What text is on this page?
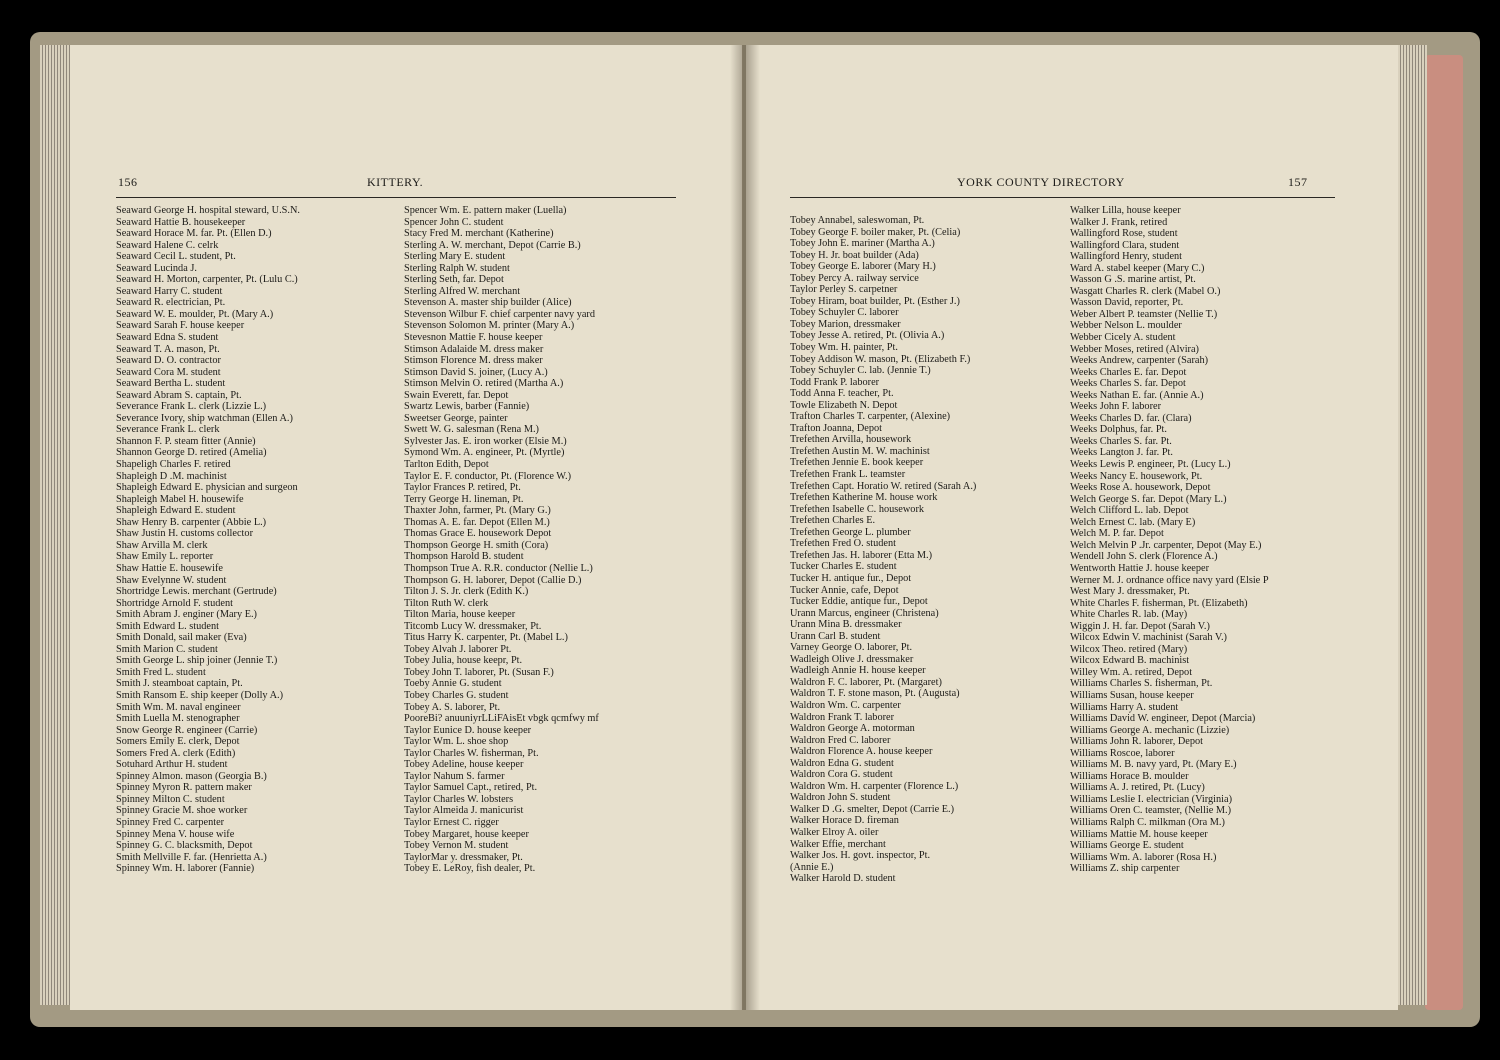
156	KITTERY.
Seaward George H. hospital steward, U.S.N.
Seaward Hattie B. housekeeper
Seaward Horace M. far. Pt. (Ellen D.)
Seaward Halene C. celrk
Seaward Cecil L. student, Pt.
Seaward Lucinda J.
Seaward H. Morton, carpenter, Pt. (Lulu C.)
Seaward Harry C. student
Seaward R. electrician, Pt.
Seaward W. E. moulder, Pt. (Mary A.)
Seaward Sarah F. house keeper
Seaward Edna S. student
Seaward T. A. mason, Pt.
Seaward D. O. contractor
Seaward Cora M. student
Seaward Bertha L. student
Seaward Abram S. captain, Pt.
Severance Frank L. clerk (Lizzie L.)
Severance Ivory, ship watchman (Ellen A.)
Severance Frank L. clerk
Shannon F. P. steam fitter (Annie)
Shannon George D. retired (Amelia)
Shapeligh Charles F. retired
Shapleigh D .M. machinist
Shapleigh Edward E. physician and surgeon
Shapleigh Mabel H. housewife
Shapleigh Edward E. student
Shaw Henry B. carpenter (Abbie L.)
Shaw Justin H. customs collector
Shaw Arvilla M. clerk
Shaw Emily L. reporter
Shaw Hattie E. housewife
Shaw Evelynne W. student
Shortridge Lewis. merchant (Gertrude)
Shortridge Arnold F. student
Smith Abram J. enginer (Mary E.)
Smith Edward L. student
Smith Donald, sail maker (Eva)
Smith Marion C. student
Smith George L. ship joiner (Jennie T.)
Smith Fred L. student
Smith J. steamboat captain, Pt.
Smith Ransom E. ship keeper (Dolly A.)
Smith Wm. M. naval engineer
Smith Luella M. stenographer
Snow George R. engineer (Carrie)
Somers Emily E. clerk, Depot
Somers Fred A. clerk (Edith)
Sotuhard Arthur H. student
Spinney Almon. mason (Georgia B.)
Spinney Myron R. pattern maker
Spinney Milton C. student
Spinney Gracie M. shoe worker
Spinney Fred C. carpenter
Spinney Mena V. house wife
Spinney G. C. blacksmith, Depot
Smith Mellville F. far. (Henrietta A.)
Spinney Wm. H. laborer (Fannie)
Spencer Wm. E. pattern maker (Luella)
Spencer John C. student
Stacy Fred M. merchant (Katherine)
Sterling A. W. merchant, Depot (Carrie B.)
Sterling Mary E. student
Sterling Ralph W. student
Sterling Seth, far. Depot
Sterling Alfred W. merchant
Stevenson A. master ship builder (Alice)
Stevenson Wilbur F. chief carpenter navy yard
Stevenson Solomon M. printer (Mary A.)
Stevesnon Mattie F. house keeper
Stimson Adalaide M. dress maker
Stimson Florence M. dress maker
Stimson David S. joiner, (Lucy A.)
Stimson Melvin O. retired (Martha A.)
Swain Everett, far. Depot
Swartz Lewis, barber (Fannie)
Sweetser George, painter
Swett W. G. salesman (Rena M.)
Sylvester Jas. E. iron worker (Elsie M.)
Symond Wm. A. engineer, Pt. (Myrtle)
Tarlton Edith, Depot
Taylor E. F. conductor, Pt. (Florence W.)
Taylor Frances P. retired, Pt.
Terry George H. lineman, Pt.
Thaxter John, farmer, Pt. (Mary G.)
Thomas A. E. far. Depot (Ellen M.)
Thomas Grace E. housework Depot
Thompson George H. smith (Cora)
Thompson Harold B. student
Thompson True A. R.R. conductor (Nellie L.)
Thompson G. H. laborer, Depot (Callie D.)
Tilton J. S. Jr. clerk (Edith K.)
Tilton Ruth W. clerk
Tilton Maria, house keeper
Titcomb Lucy W. dressmaker, Pt.
Titus Harry K. carpenter, Pt. (Mabel L.)
Tobey Alvah J. laborer Pt.
Tobey Julia, house keepr, Pt.
Tobey John T. laborer, Pt. (Susan F.)
Toeby Annie G. student
Tobey Charles G. student
Tobey A. S. laborer, Pt.
PooreBi? anuuniyrLLiFAisEt vbgk qcmfwy mf
Taylor Eunice D. house keeper
Taylor Wm. L. shoe shop
Taylor Charles W. fisherman, Pt.
Tobey Adeline, house keeper
Taylor Nahum S. farmer
Taylor Samuel Capt., retired, Pt.
Taylor Charles W. lobsters
Taylor Almeida J. manicurist
Taylor Ernest C. rigger
Tobey Margaret, house keeper
Tobey Vernon M. student
TaylorMar y. dressmaker, Pt.
Tobey E. LeRoy, fish dealer, Pt.
YORK COUNTY DIRECTORY	157
Tobey Annabel, saleswoman, Pt.
Tobey George F. boiler maker, Pt. (Celia)
Tobey John E. mariner (Martha A.)
Tobey H. Jr. boat builder (Ada)
Tobey George E. laborer (Mary H.)
Tobey Percy A. railway service
Taylor Perley S. carpetner
Tobey Hiram, boat builder, Pt. (Esther J.)
Tobey Schuyler C. laborer
Tobey Marion, dressmaker
Tobey Jesse A. retired, Pt. (Olivia A.)
Tobey Wm. H. painter, Pt.
Tobey Addison W. mason, Pt. (Elizabeth F.)
Tobey Schuyler C. lab. (Jennie T.)
Todd Frank P. laborer
Todd Anna F. teacher, Pt.
Towle Elizabeth N. Depot
Trafton Charles T. carpenter, (Alexine)
Trafton Joanna, Depot
Trefethen Arvilla, housework
Trefethen Austin M. W. machinist
Trefethen Jennie E. book keeper
Trefethen Frank L. teamster
Trefethen Capt. Horatio W. retired (Sarah A.)
Trefethen Katherine M. house work
Trefethen Isabelle C. housework
Trefethen Charles E.
Trefethen George L. plumber
Trefethen Fred O. student
Trefethen Jas. H. laborer (Etta M.)
Tucker Charles E. student
Tucker H. antique fur., Depot
Tucker Annie, cafe, Depot
Tucker Eddie, antique fur., Depot
Urann Marcus, engineer (Christena)
Urann Mina B. dressmaker
Urann Carl B. student
Varney George O. laborer, Pt.
Wadleigh Olive J. dressmaker
Wadleigh Annie H. house keeper
Waldron F. C. laborer, Pt. (Margaret)
Waldron T. F. stone mason, Pt. (Augusta)
Waldron Wm. C. carpenter
Waldron Frank T. laborer
Waldron George A. motorman
Waldron Fred C. laborer
Waldron Florence A. house keeper
Waldron Edna G. student
Waldron Cora G. student
Waldron Wm. H. carpenter (Florence L.)
Waldron John S. student
Walker D .G. smelter, Depot (Carrie E.)
Walker Horace D. fireman
Walker Elroy A. oiler
Walker Effie, merchant
Walker Jos. H. govt. inspector, Pt.
(Annie E.)
Walker Harold D. student
Walker Lilla, house keeper
Walker J. Frank, retired
Wallingford Rose, student
Wallingford Clara, student
Wallingford Henry, student
Ward A. stabel keeper (Mary C.)
Wasson G .S. marine artist, Pt.
Wasgatt Charles R. clerk (Mabel O.)
Wasson David, reporter, Pt.
Weber Albert P. teamster (Nellie T.)
Webber Nelson L. moulder
Webber Cicely A. student
Webber Moses, retired (Alvira)
Weeks Andrew, carpenter (Sarah)
Weeks Charles E. far. Depot
Weeks Charles S. far. Depot
Weeks Nathan E. far. (Annie A.)
Weeks John F. laborer
Weeks Charles D. far. (Clara)
Weeks Dolphus, far. Pt.
Weeks Charles S. far. Pt.
Weeks Langton J. far. Pt.
Weeks Lewis P. engineer, Pt. (Lucy L.)
Weeks Nancy E. housework, Pt.
Weeks Rose A. housework, Depot
Welch George S. far. Depot (Mary L.)
Welch Clifford L. lab. Depot
Welch Ernest C. lab. (Mary E)
Welch M. P. far. Depot
Welch Melvin P .Jr. carpenter, Depot (May E.)
Wendell John S. clerk (Florence A.)
Wentworth Hattie J. house keeper
Werner M. J. ordnance office navy yard (Elsie P
West Mary J. dressmaker, Pt.
White Charles F. fisherman, Pt. (Elizabeth)
White Charles R. lab. (May)
Wiggin J. H. far. Depot (Sarah V.)
Wilcox Edwin V. machinist (Sarah V.)
Wilcox Theo. retired (Mary)
Wilcox Edward B. machinist
Willey Wm. A. retired, Depot
Williams Charles S. fisherman, Pt.
Williams Susan, house keeper
Williams Harry A. student
Williams David W. engineer, Depot (Marcia)
Williams George A. mechanic (Lizzie)
Williams John R. laborer, Depot
Williams Roscoe, laborer
Williams M. B. navy yard, Pt. (Mary E.)
Williams Horace B. moulder
Williams A. J. retired, Pt. (Lucy)
Williams Leslie I. electrician (Virginia)
Williams Oren C. teamster, (Nellie M.)
Williams Ralph C. milkman (Ora M.)
Williams Mattie M. house keeper
Williams George E. student
Williams Wm. A. laborer (Rosa H.)
Williams Z. ship carpenter
